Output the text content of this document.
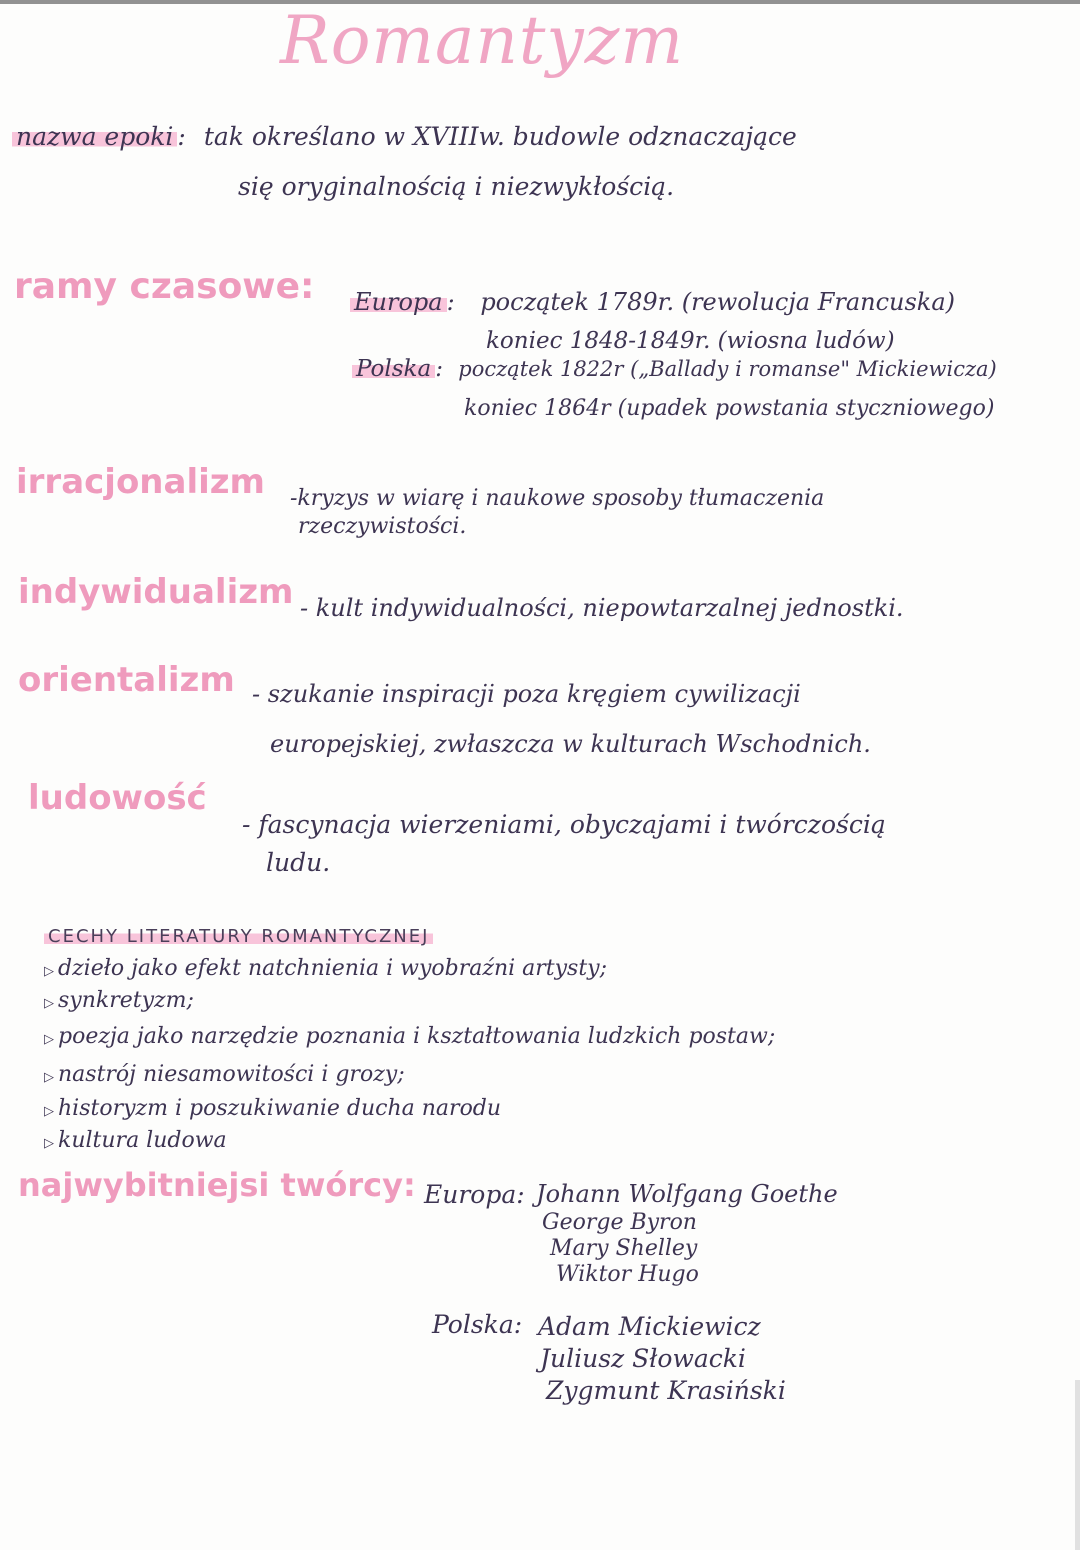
Romantyzm
nazwa epoki : tak określano w XVIIIw. budowle odznaczające
się oryginalnością i niezwykłością.
ramy czasowe: Europa : początek 1789r. (rewolucja Francuska)
koniec 1848-1849r. (wiosna ludów)
Polska : początek 1822r („Ballady i romanse" Mickiewicza)
koniec 1864r (upadek powstania styczniowego)
irracjonalizm -kryzys w wiarę i naukowe sposoby tłumaczenia
rzeczywistości.
indywidualizm - kult indywidualności, niepowtarzalnej jednostki.
orientalizm - szukanie inspiracji poza kręgiem cywilizacji
europejskiej, zwłaszcza w kulturach Wschodnich.
ludowość
- fascynacja wierzeniami, obyczajami i twórczością
ludu.
CECHY LITERATURY ROMANTYCZNEJ
▷ dzieło jako efekt natchnienia i wyobraźni artysty;
▷ synkretyzm;
▷ poezja jako narzędzie poznania i kształtowania ludzkich postaw;
▷ nastrój niesamowitości i grozy;
▷ historyzm i poszukiwanie ducha narodu
▷ kultura ludowa
najwybitniejsi twórcy: Europa: Johann Wolfgang Goethe
George Byron
Mary Shelley
Wiktor Hugo
Polska: Adam Mickiewicz
Juliusz Słowacki
Zygmunt Krasiński
